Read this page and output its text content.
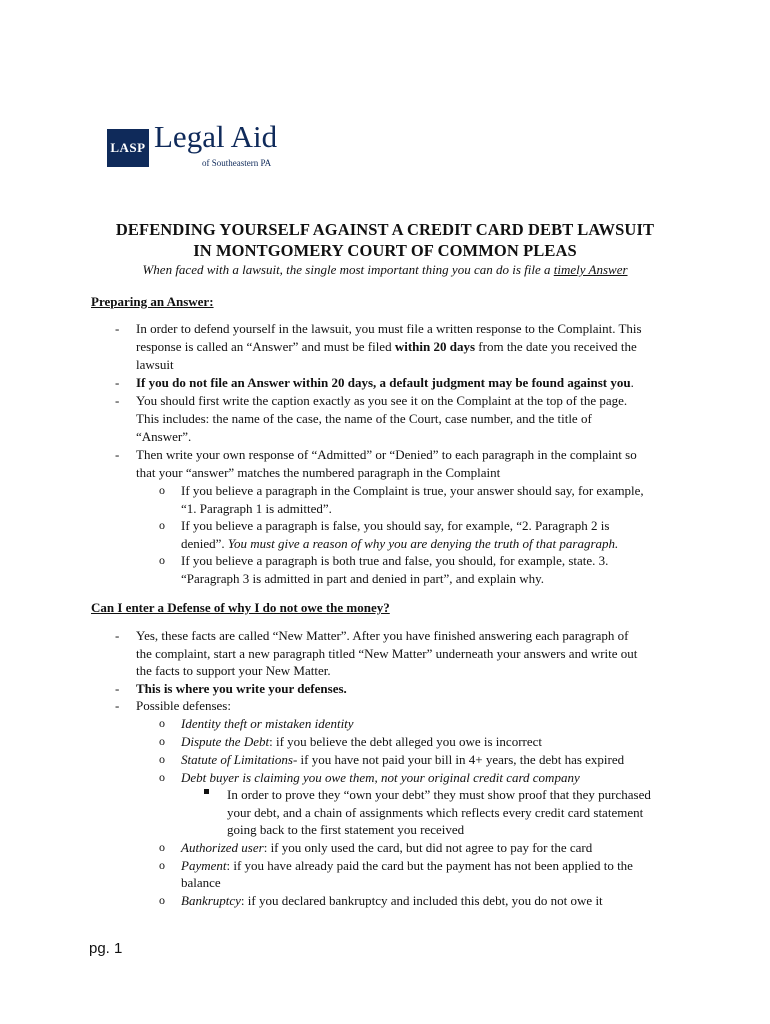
LASP Legal Aid
of Southeastern PA
DEFENDING YOURSELF AGAINST A CREDIT CARD DEBT LAWSUIT
IN MONTGOMERY COURT OF COMMON PLEAS
When faced with a lawsuit, the single most important thing you can do is file a timely Answer
Preparing an Answer:
- In order to defend yourself in the lawsuit, you must file a written response to the Complaint. This
response is called an “Answer” and must be filed within 20 days from the date you received the
lawsuit
- If you do not file an Answer within 20 days, a default judgment may be found against you.
- You should first write the caption exactly as you see it on the Complaint at the top of the page.
This includes: the name of the case, the name of the Court, case number, and the title of
“Answer”.
- Then write your own response of “Admitted” or “Denied” to each paragraph in the complaint so
that your “answer” matches the numbered paragraph in the Complaint
o If you believe a paragraph in the Complaint is true, your answer should say, for example,
“1. Paragraph 1 is admitted”.
o If you believe a paragraph is false, you should say, for example, “2. Paragraph 2 is
denied”. You must give a reason of why you are denying the truth of that paragraph.
o If you believe a paragraph is both true and false, you should, for example, state. 3.
“Paragraph 3 is admitted in part and denied in part”, and explain why.
Can I enter a Defense of why I do not owe the money?
- Yes, these facts are called “New Matter”. After you have finished answering each paragraph of
the complaint, start a new paragraph titled “New Matter” underneath your answers and write out
the facts to support your New Matter.
- This is where you write your defenses.
- Possible defenses:
o Identity theft or mistaken identity
o Dispute the Debt: if you believe the debt alleged you owe is incorrect
o Statute of Limitations- if you have not paid your bill in 4+ years, the debt has expired
o Debt buyer is claiming you owe them, not your original credit card company
In order to prove they “own your debt” they must show proof that they purchased
your debt, and a chain of assignments which reflects every credit card statement
going back to the first statement you received
o Authorized user: if you only used the card, but did not agree to pay for the card
o Payment: if you have already paid the card but the payment has not been applied to the
balance
o Bankruptcy: if you declared bankruptcy and included this debt, you do not owe it
pg. 1
